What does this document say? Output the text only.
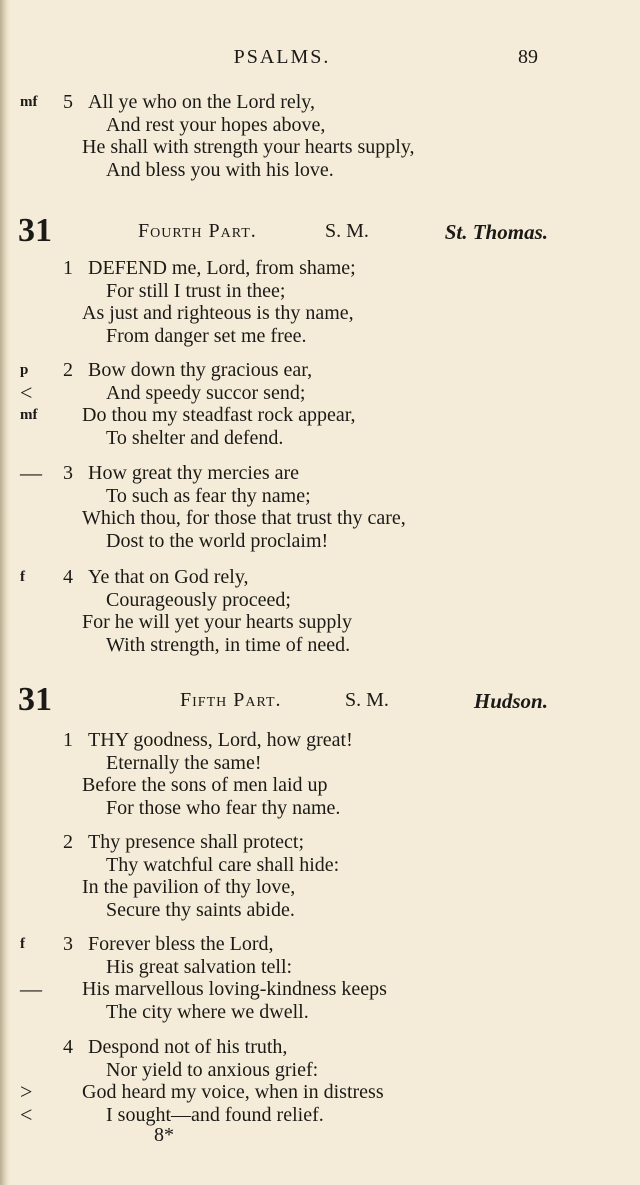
PSALMS.	89
31	Fourth Part.	S. M.	St. Thomas.
31	Fifth Part.	S. M.	Hudson.
8*
mf	5 All ye who on the Lord rely,
And rest your hopes above,
He shall with strength your hearts supply,
And bless you with his love.
1 DEFEND me, Lord, from shame;
For still I trust in thee;
As just and righteous is thy name,
From danger set me free.
p	2 Bow down thy gracious ear,
<	And speedy succor send;
mf	Do thou my steadfast rock appear,
To shelter and defend.
—	3 How great thy mercies are
To such as fear thy name;
Which thou, for those that trust thy care,
Dost to the world proclaim!
f	4 Ye that on God rely,
Courageously proceed;
For he will yet your hearts supply
With strength, in time of need.
1 THY goodness, Lord, how great!
Eternally the same!
Before the sons of men laid up
For those who fear thy name.
2 Thy presence shall protect;
Thy watchful care shall hide:
In the pavilion of thy love,
Secure thy saints abide.
f	3 Forever bless the Lord,
His great salvation tell:
—	His marvellous loving-kindness keeps
The city where we dwell.
4 Despond not of his truth,
Nor yield to anxious grief:
>	God heard my voice, when in distress
<	I sought—and found relief.
